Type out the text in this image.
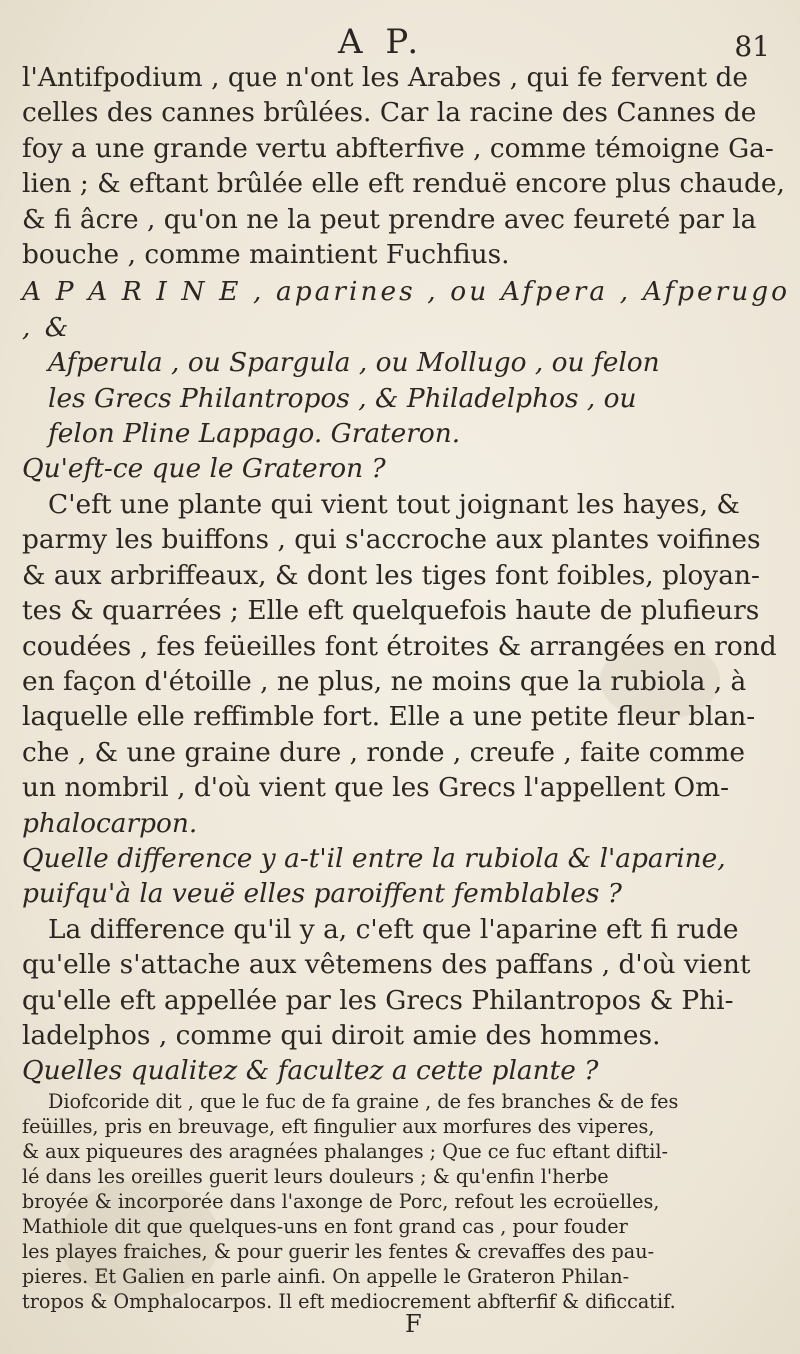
A P.	81

l'Antifpodium , que n'ont les Arabes , qui fe fervent de
celles des cannes brûlées. Car la racine des Cannes de
foy a une grande vertu abfterfive , comme témoigne Ga-
lien ; & eftant brûlée elle eft renduë encore plus chaude,
& fi âcre , qu'on ne la peut prendre avec feureté par la
bouche , comme maintient Fuchfius.

A P A R I N E , aparines , ou Afpera , Afperugo , &
Afperula , ou Spargula , ou Mollugo , ou felon
les Grecs Philantropos , & Philadelphos , ou
felon Pline Lappago. Grateron.

Qu'eft-ce que le Grateron ?

C'eft une plante qui vient tout joignant les hayes, &
parmy les buiffons , qui s'accroche aux plantes voifines
& aux arbriffeaux, & dont les tiges font foibles, ployan-
tes & quarrées ; Elle eft quelquefois haute de plufieurs
coudées , fes feüeilles font étroites & arrangées en rond
en façon d'étoille , ne plus, ne moins que la rubiola , à
laquelle elle reffimble fort. Elle a une petite fleur blan-
che , & une graine dure , ronde , creufe , faite comme
un nombril , d'où vient que les Grecs l'appellent Om-
phalocarpon.

Quelle difference y a-t'il entre la rubiola & l'aparine,
puifqu'à la veuë elles paroiffent femblables ?

La difference qu'il y a, c'eft que l'aparine eft fi rude
qu'elle s'attache aux vêtemens des paffans , d'où vient
qu'elle eft appellée par les Grecs Philantropos & Phi-
ladelphos , comme qui diroit amie des hommes.

Quelles qualitez & facultez a cette plante ?

Diofcoride dit , que le fuc de fa graine , de fes branches & de fes
feüilles, pris en breuvage, eft fingulier aux morfures des viperes,
& aux piqueures des aragnées phalanges ; Que ce fuc eftant diftil-
lé dans les oreilles guerit leurs douleurs ; & qu'enfin l'herbe
broyée & incorporée dans l'axonge de Porc, refout les ecroüelles,
Mathiole dit que quelques-uns en font grand cas , pour fouder
les playes fraiches, & pour guerir les fentes & crevaffes des pau-
pieres. Et Galien en parle ainfi. On appelle le Grateron Philan-
tropos & Omphalocarpos. Il eft mediocrement abfterfif & dificcatif.

F
